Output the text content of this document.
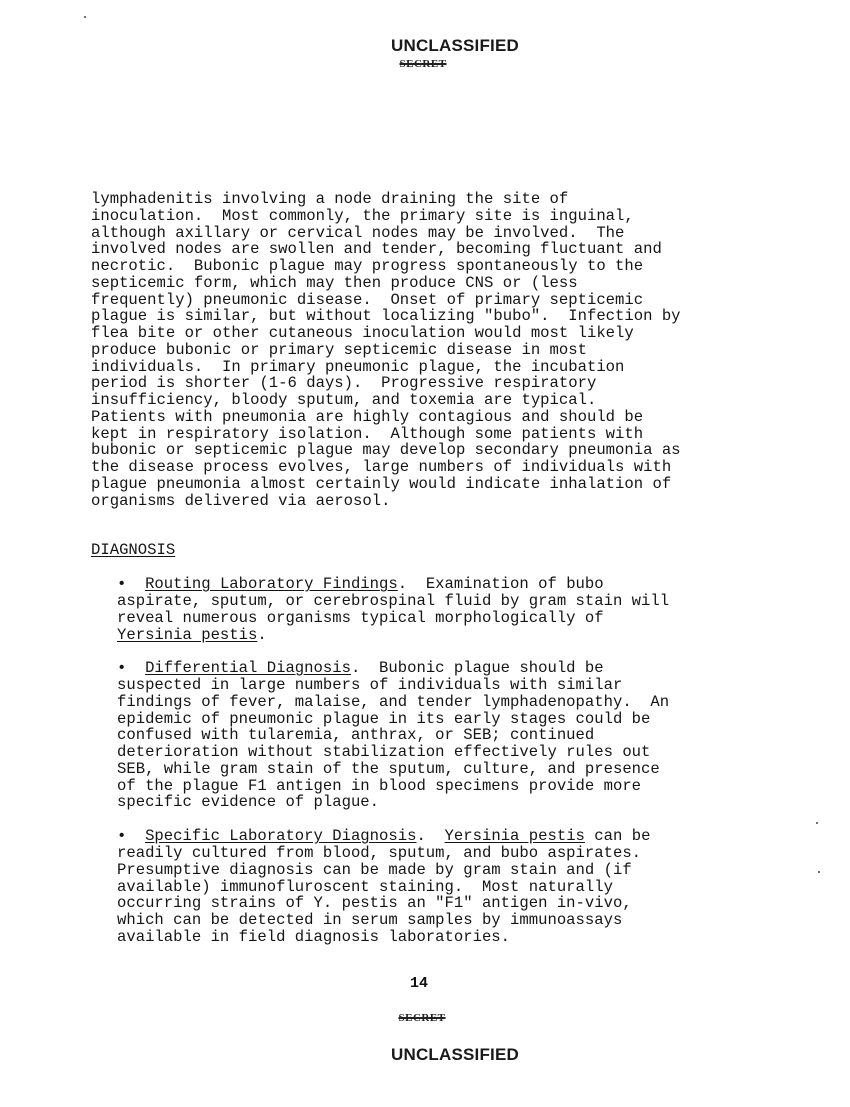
UNCLASSIFIED
SECRET
lymphadenitis involving a node draining the site of
inoculation.  Most commonly, the primary site is inguinal,
although axillary or cervical nodes may be involved.  The
involved nodes are swollen and tender, becoming fluctuant and
necrotic.  Bubonic plague may progress spontaneously to the
septicemic form, which may then produce CNS or (less
frequently) pneumonic disease.  Onset of primary septicemic
plague is similar, but without localizing "bubo".  Infection by
flea bite or other cutaneous inoculation would most likely
produce bubonic or primary septicemic disease in most
individuals.  In primary pneumonic plague, the incubation
period is shorter (1-6 days).  Progressive respiratory
insufficiency, bloody sputum, and toxemia are typical.
Patients with pneumonia are highly contagious and should be
kept in respiratory isolation.  Although some patients with
bubonic or septicemic plague may develop secondary pneumonia as
the disease process evolves, large numbers of individuals with
plague pneumonia almost certainly would indicate inhalation of
organisms delivered via aerosol.
DIAGNOSIS
• Routing Laboratory Findings.  Examination of bubo
aspirate, sputum, or cerebrospinal fluid by gram stain will
reveal numerous organisms typical morphologically of
Yersinia pestis.
• Differential Diagnosis.  Bubonic plague should be
suspected in large numbers of individuals with similar
findings of fever, malaise, and tender lymphadenopathy.  An
epidemic of pneumonic plague in its early stages could be
confused with tularemia, anthrax, or SEB; continued
deterioration without stabilization effectively rules out
SEB, while gram stain of the sputum, culture, and presence
of the plague F1 antigen in blood specimens provide more
specific evidence of plague.
• Specific Laboratory Diagnosis.  Yersinia pestis can be
readily cultured from blood, sputum, and bubo aspirates.
Presumptive diagnosis can be made by gram stain and (if
available) immunofluroscent staining.  Most naturally
occurring strains of Y. pestis an "F1" antigen in-vivo,
which can be detected in serum samples by immunoassays
available in field diagnosis laboratories.
14
SECRET
UNCLASSIFIED
